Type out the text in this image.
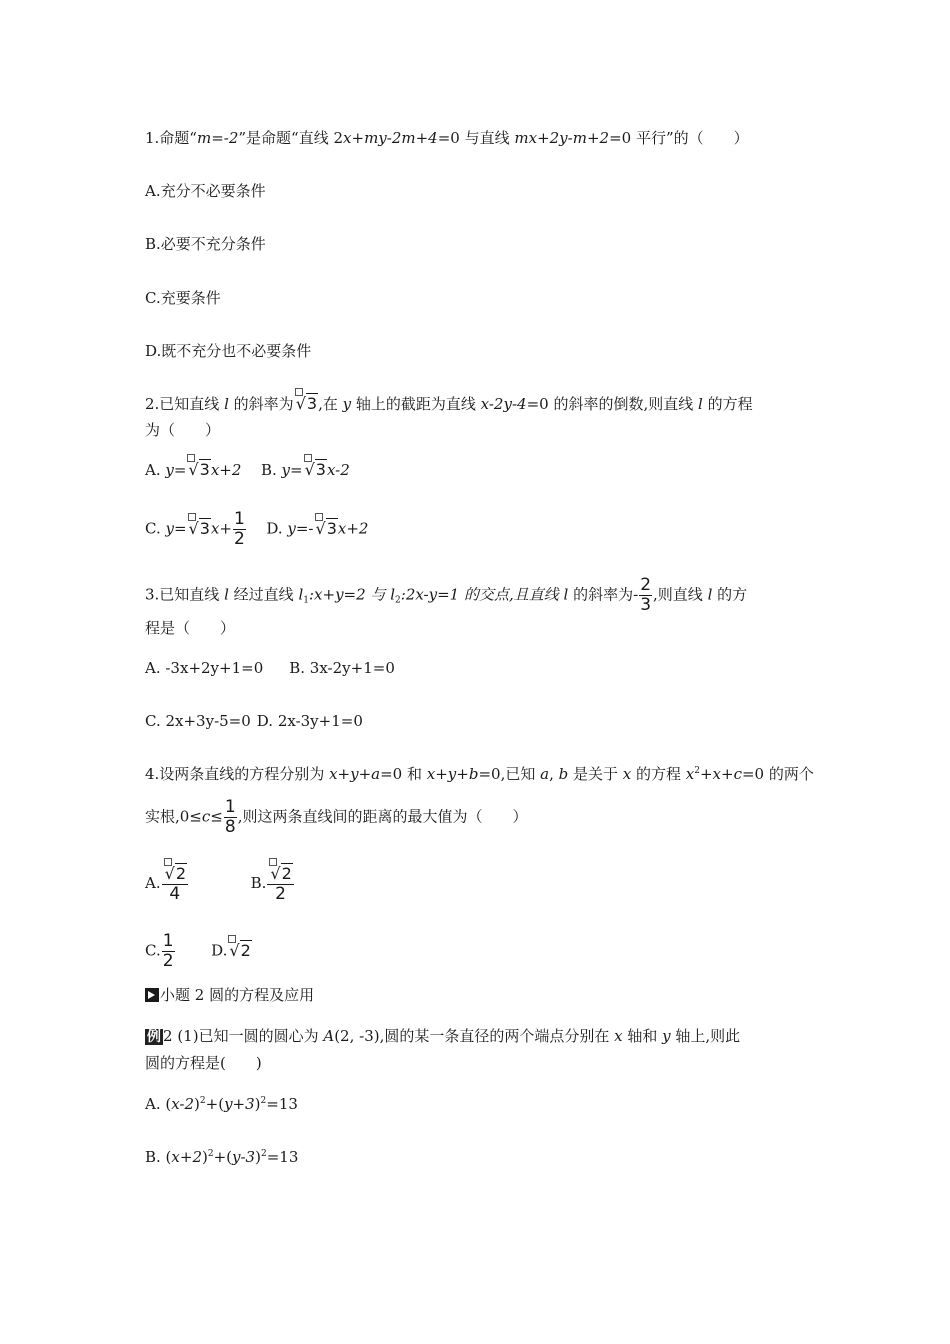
1.命题“m=-2”是命题“直线 2x+my-2m+4=0 与直线 mx+2y-m+2=0 平行”的（　　）
A.充分不必要条件
B.必要不充分条件
C.充要条件
D.既不充分也不必要条件
2.已知直线 l 的斜率为 √3,在 y 轴上的截距为直线 x-2y-4=0 的斜率的倒数,则直线 l 的方程
为（　　）
A. y= √3x+2 B. y= √3x-2
C. $y= √3x+ \frac{1}{2} D$. y=- √3x+2
3.已知直线 l 经过直线 $l_1:x+y=2$ 与 $l_2:2x-y=1$ 的交点,且直线 l 的斜率为- $\frac{2}{3}$ ,则直线 l 的方
程是（　　）
A. -3x+2y+1=0 B. 3x-2y+1=0
C. 2x+3y-5=0 D. 2x-3y+1=0
4.设两条直线的方程分别为 x+y+a=0 和 x+y+b=0,已知 a, b 是关于 x 的方程 $x^2+x+c=0$ 的两个
实根$,0\le c\le \frac{1}{8}$ ,则这两条直线间的距离的最大值为（　　）
A. $\frac{√2}{4}$	B. $\frac{√2}{2}$
C. $\frac{1}{2} D$. √2
小题 2 圆的方程及应用
例 2 (1)已知一圆的圆心为 A(2, -3),圆的某一条直径的两个端点分别在 x 轴和 y 轴上,则此
圆的方程是(　　)
A. $(x-2)^2+(y+3)^2=13$
B. $(x+2)^2+(y-3)^2=13$
